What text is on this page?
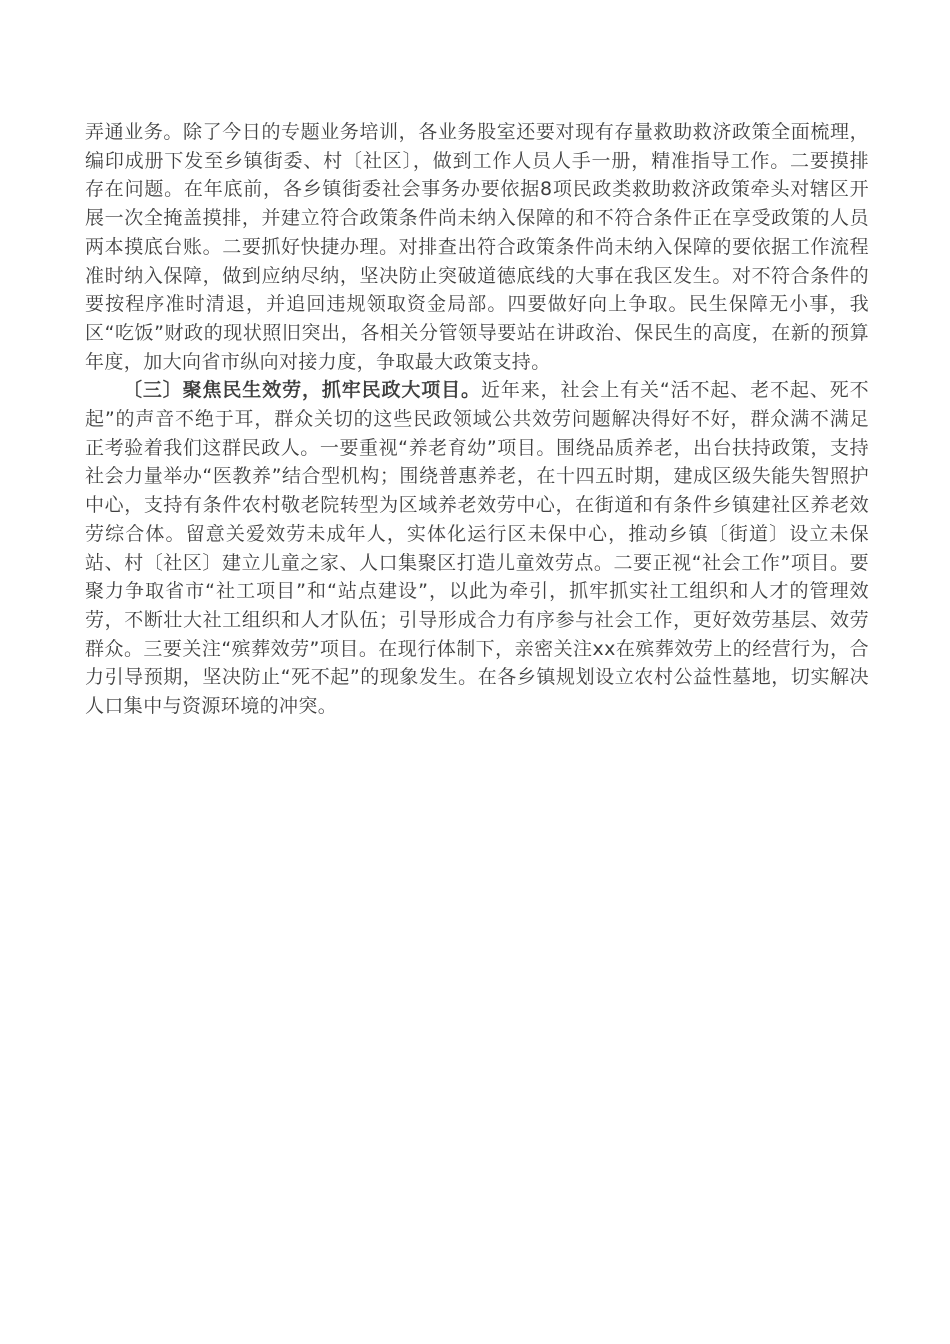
弄通业务。除了今日的专题业务培训，各业务股室还要对现有存量救助救济政策全面梳理，编印成册下发至乡镇街委、村〔社区〕，做到工作人员人手一册，精准指导工作。二要摸排存在问题。在年底前，各乡镇街委社会事务办要依据8项民政类救助救济政策牵头对辖区开展一次全掩盖摸排，并建立符合政策条件尚未纳入保障的和不符合条件正在享受政策的人员两本摸底台账。二要抓好快捷办理。对排查出符合政策条件尚未纳入保障的要依据工作流程准时纳入保障，做到应纳尽纳，坚决防止突破道德底线的大事在我区发生。对不符合条件的要按程序准时清退，并追回违规领取资金局部。四要做好向上争取。民生保障无小事，我区“吃饭”财政的现状照旧突出，各相关分管领导要站在讲政治、保民生的高度，在新的预算年度，加大向省市纵向对接力度，争取最大政策支持。

〔三〕聚焦民生效劳，抓牢民政大项目。近年来，社会上有关“活不起、老不起、死不起”的声音不绝于耳，群众关切的这些民政领域公共效劳问题解决得好不好，群众满不满足正考验着我们这群民政人。一要重视“养老育幼”项目。围绕品质养老，出台扶持政策，支持社会力量举办“医教养”结合型机构；围绕普惠养老，在十四五时期，建成区级失能失智照护中心，支持有条件农村敬老院转型为区域养老效劳中心，在街道和有条件乡镇建社区养老效劳综合体。留意关爱效劳未成年人，实体化运行区未保中心，推动乡镇〔街道〕设立未保站、村〔社区〕建立儿童之家、人口集聚区打造儿童效劳点。二要正视“社会工作”项目。要聚力争取省市“社工项目”和“站点建设”，以此为牵引，抓牢抓实社工组织和人才的管理效劳，不断壮大社工组织和人才队伍；引导形成合力有序参与社会工作，更好效劳基层、效劳群众。三要关注“殡葬效劳”项目。在现行体制下，亲密关注xx在殡葬效劳上的经营行为，合力引导预期，坚决防止“死不起”的现象发生。在各乡镇规划设立农村公益性墓地，切实解决人口集中与资源环境的冲突。
